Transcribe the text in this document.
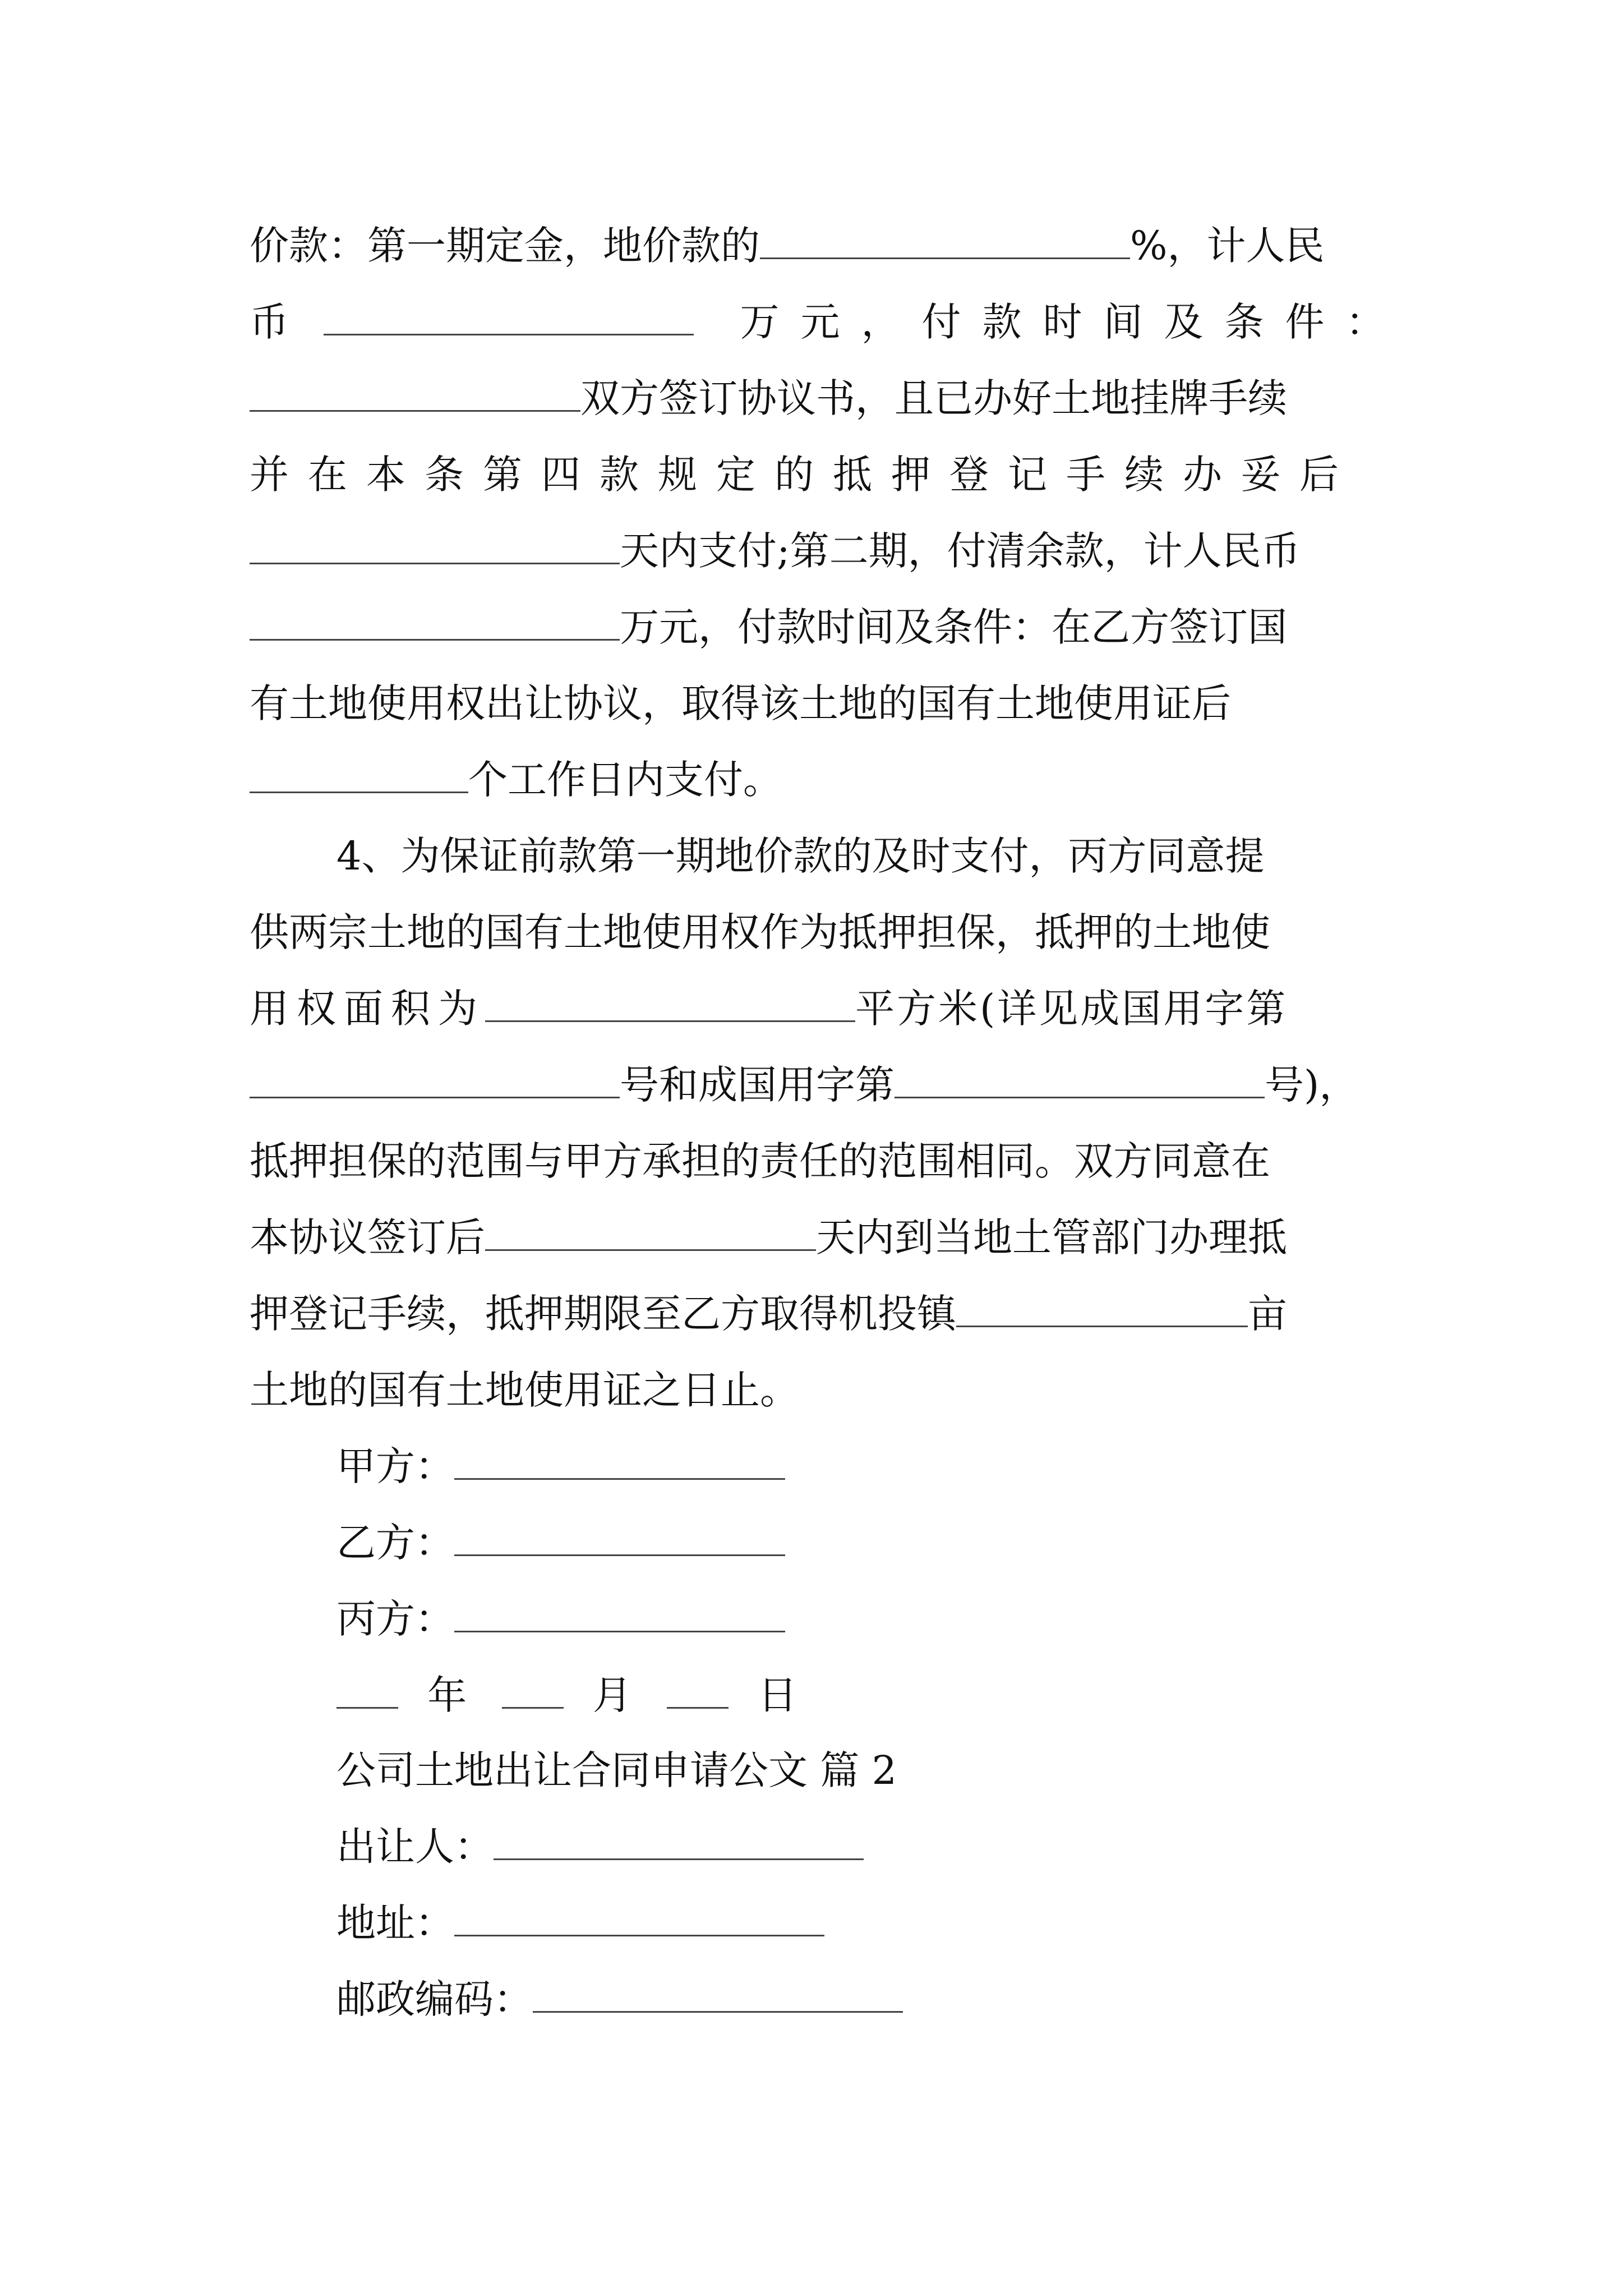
价款：第一期定金，地价款的	%，计人民
币	万元，付款时间及条件：
双方签订协议书，且已办好土地挂牌手续
并在本条第四款规定的抵押登记手续办妥后
天内支付;第二期，付清余款，计人民币
万元，付款时间及条件：在乙方签订国
有土地使用权出让协议，取得该土地的国有土地使用证后
个工作日内支付。
4、为保证前款第一期地价款的及时支付，丙方同意提
供两宗土地的国有土地使用权作为抵押担保，抵押的土地使
用权面积为	平方米(详见成国用字第
号和成国用字第	号)，
抵押担保的范围与甲方承担的责任的范围相同。双方同意在
本协议签订后	天内到当地土管部门办理抵
押登记手续，抵押期限至乙方取得机投镇	亩
土地的国有土地使用证之日止。
甲方：
乙方：
丙方：
年	月	日
公司土地出让合同申请公文 篇 2
出让人：
地址：
邮政编码：
